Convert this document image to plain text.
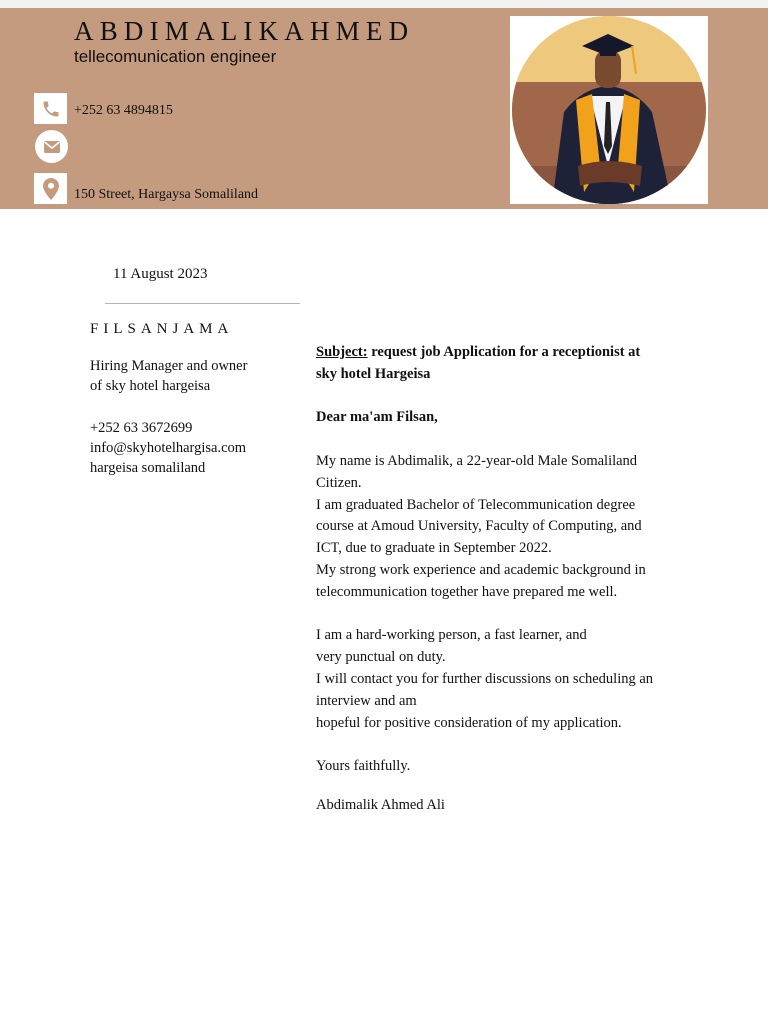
ABDIMALIKAHMED
tellecomunication engineer
+252 63 4894815
150 Street, Hargaysa Somaliland
11 August 2023
FILSANJAMA
Hiring Manager and owner
of sky hotel hargeisa
+252 63 3672699
info@skyhotelhargisa.com
hargeisa somaliland

Subject: request job Application for a receptionist at

sky hotel Hargeisa

Dear ma'am Filsan,

My name is Abdimalik, a 22-year-old Male Somaliland

Citizen.

I am graduated Bachelor of Telecommunication degree

course at Amoud University, Faculty of Computing, and

ICT, due to graduate in September 2022.

My strong work experience and academic background in

telecommunication together have prepared me well.

I am a hard-working person, a fast learner, and

very punctual on duty.

I will contact you for further discussions on scheduling an

interview and am

hopeful for positive consideration of my application.

Yours faithfully.

Abdimalik Ahmed Ali
